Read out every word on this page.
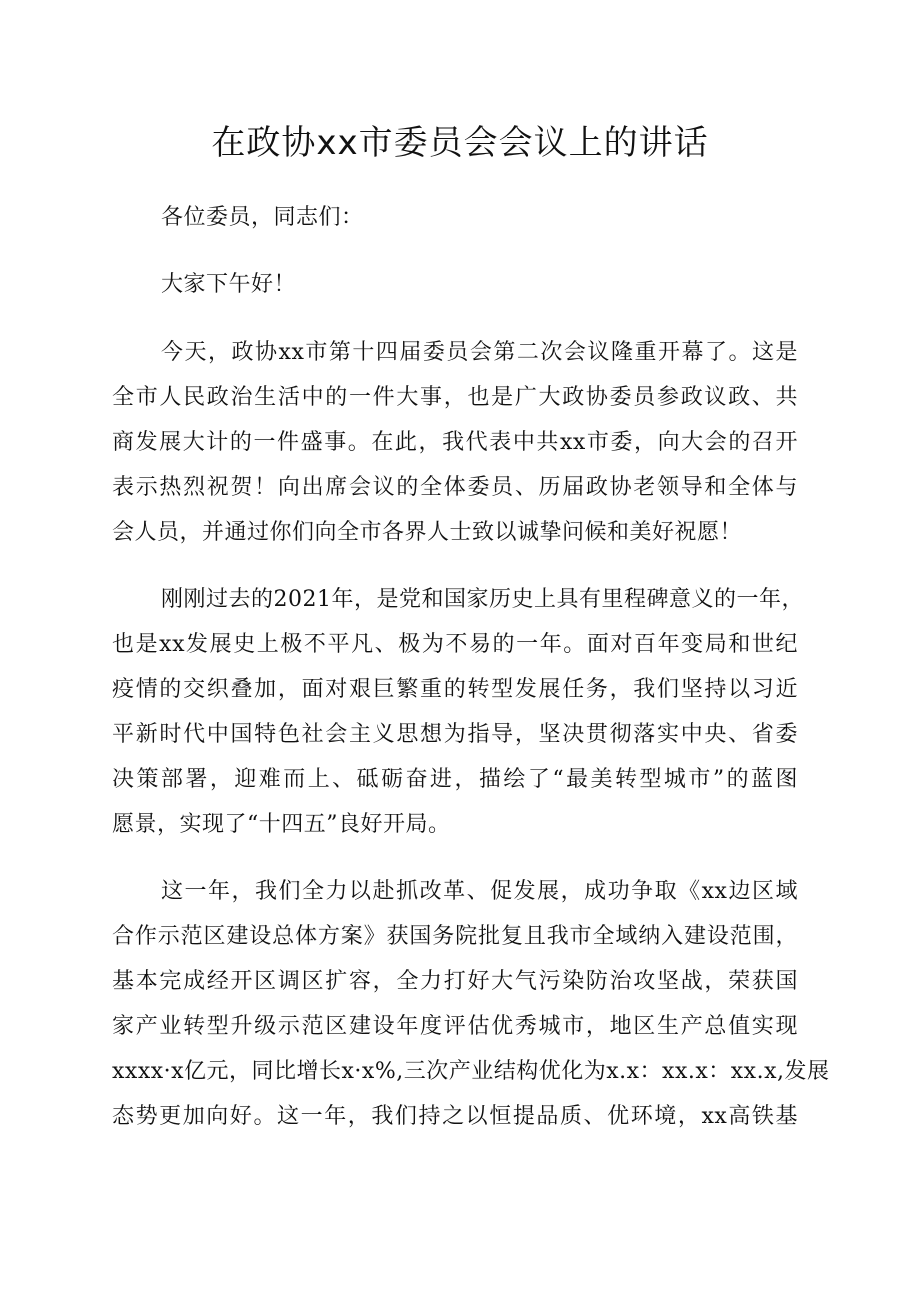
在政协xx市委员会会议上的讲话
各位委员，同志们：
大家下午好！
今天，政协xx市第十四届委员会第二次会议隆重开幕了。这是
全市人民政治生活中的一件大事，也是广大政协委员参政议政、共
商发展大计的一件盛事。在此，我代表中共xx市委，向大会的召开
表示热烈祝贺！向出席会议的全体委员、历届政协老领导和全体与
会人员，并通过你们向全市各界人士致以诚挚问候和美好祝愿！
刚刚过去的2021年，是党和国家历史上具有里程碑意义的一年，
也是xx发展史上极不平凡、极为不易的一年。面对百年变局和世纪
疫情的交织叠加，面对艰巨繁重的转型发展任务，我们坚持以习近
平新时代中国特色社会主义思想为指导，坚决贯彻落实中央、省委
决策部署，迎难而上、砥砺奋进，描绘了“最美转型城市”的蓝图
愿景，实现了“十四五”良好开局。
这一年，我们全力以赴抓改革、促发展，成功争取《xx边区域
合作示范区建设总体方案》获国务院批复且我市全域纳入建设范围，
基本完成经开区调区扩容，全力打好大气污染防治攻坚战，荣获国
家产业转型升级示范区建设年度评估优秀城市，地区生产总值实现
xxxx·x亿元，同比增长x·x%,三次产业结构优化为x.x：xx.x：xx.x,发展
态势更加向好。这一年，我们持之以恒提品质、优环境，xx高铁基
